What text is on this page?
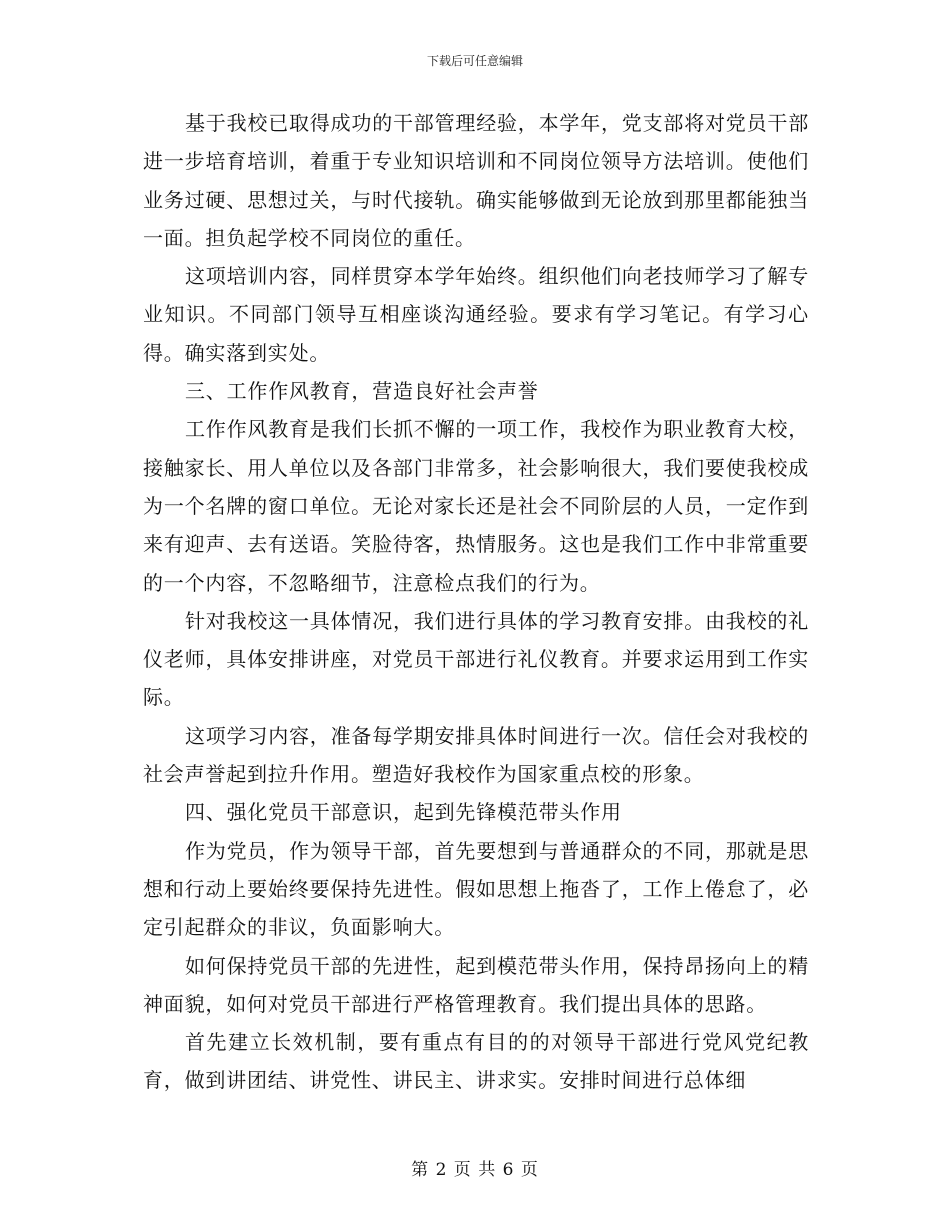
下载后可任意编辑

基于我校已取得成功的干部管理经验，本学年，党支部将对党员干部进一步培育培训，着重于专业知识培训和不同岗位领导方法培训。使他们业务过硬、思想过关，与时代接轨。确实能够做到无论放到那里都能独当一面。担负起学校不同岗位的重任。

这项培训内容，同样贯穿本学年始终。组织他们向老技师学习了解专业知识。不同部门领导互相座谈沟通经验。要求有学习笔记。有学习心得。确实落到实处。

三、工作作风教育，营造良好社会声誉

工作作风教育是我们长抓不懈的一项工作，我校作为职业教育大校，接触家长、用人单位以及各部门非常多，社会影响很大，我们要使我校成为一个名牌的窗口单位。无论对家长还是社会不同阶层的人员，一定作到来有迎声、去有送语。笑脸待客，热情服务。这也是我们工作中非常重要的一个内容，不忽略细节，注意检点我们的行为。

针对我校这一具体情况，我们进行具体的学习教育安排。由我校的礼仪老师，具体安排讲座，对党员干部进行礼仪教育。并要求运用到工作实际。

这项学习内容，准备每学期安排具体时间进行一次。信任会对我校的社会声誉起到拉升作用。塑造好我校作为国家重点校的形象。

四、强化党员干部意识，起到先锋模范带头作用

作为党员，作为领导干部，首先要想到与普通群众的不同，那就是思想和行动上要始终要保持先进性。假如思想上拖沓了，工作上倦怠了，必定引起群众的非议，负面影响大。

如何保持党员干部的先进性，起到模范带头作用，保持昂扬向上的精神面貌，如何对党员干部进行严格管理教育。我们提出具体的思路。

首先建立长效机制，要有重点有目的的对领导干部进行党风党纪教育，做到讲团结、讲党性、讲民主、讲求实。安排时间进行总体细

第 2 页 共 6 页
